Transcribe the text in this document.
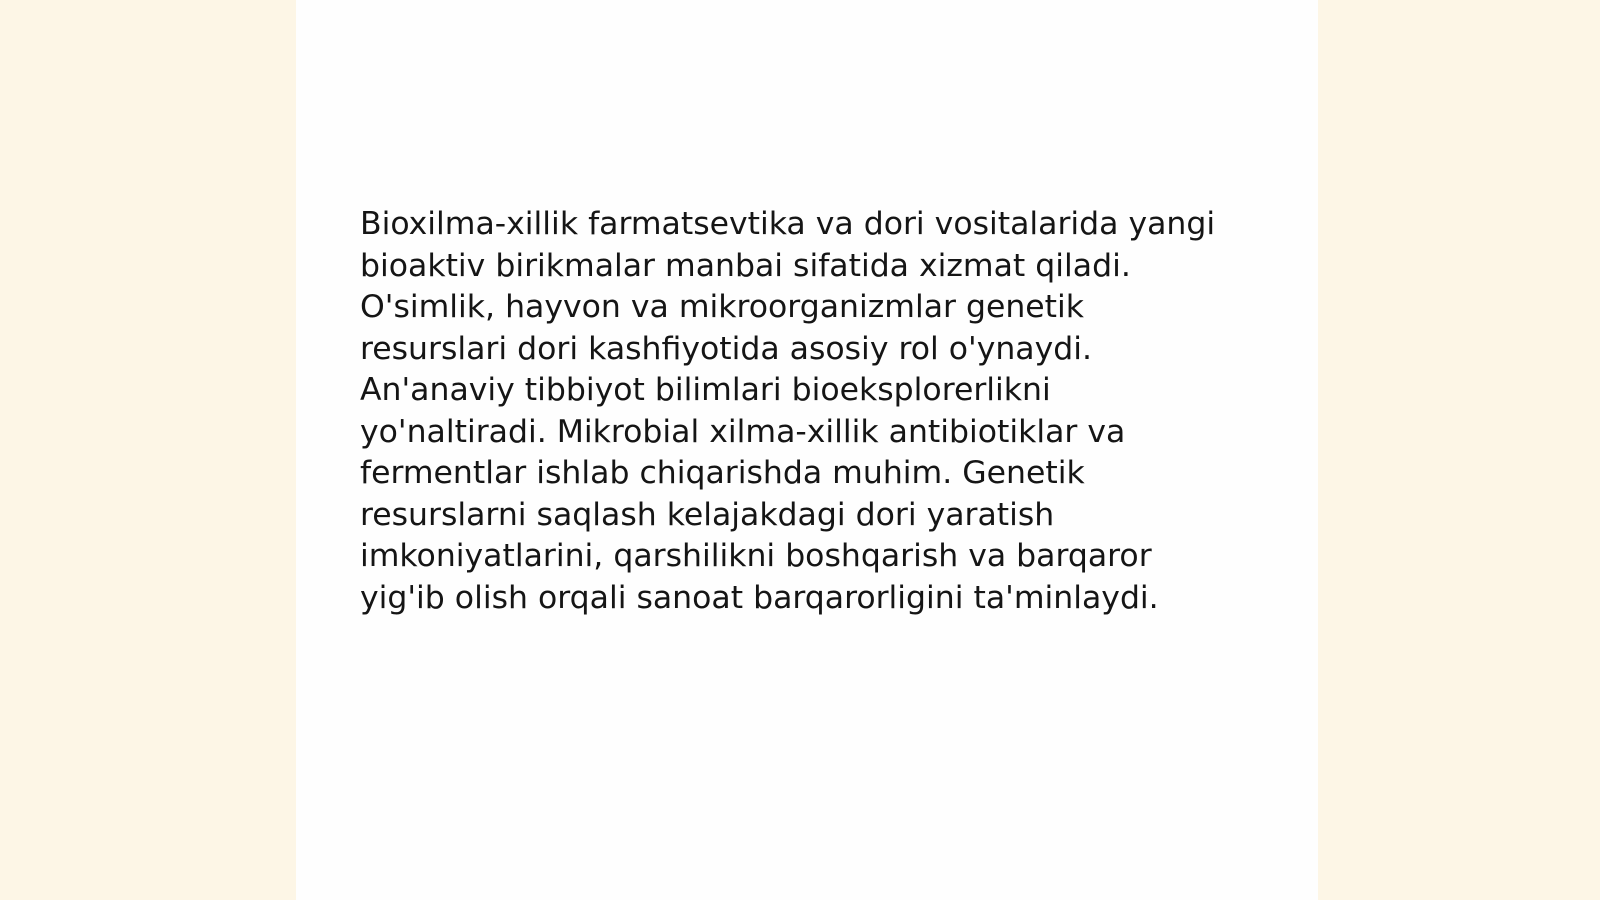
Bioxilma-xillik farmatsevtika va dori vositalarida yangi
bioaktiv birikmalar manbai sifatida xizmat qiladi.
O'simlik, hayvon va mikroorganizmlar genetik
resurslari dori kashfiyotida asosiy rol o'ynaydi.
An'anaviy tibbiyot bilimlari bioeksplorerlikni
yo'naltiradi. Mikrobial xilma-xillik antibiotiklar va
fermentlar ishlab chiqarishda muhim. Genetik
resurslarni saqlash kelajakdagi dori yaratish
imkoniyatlarini, qarshilikni boshqarish va barqaror
yig'ib olish orqali sanoat barqarorligini ta'minlaydi.
